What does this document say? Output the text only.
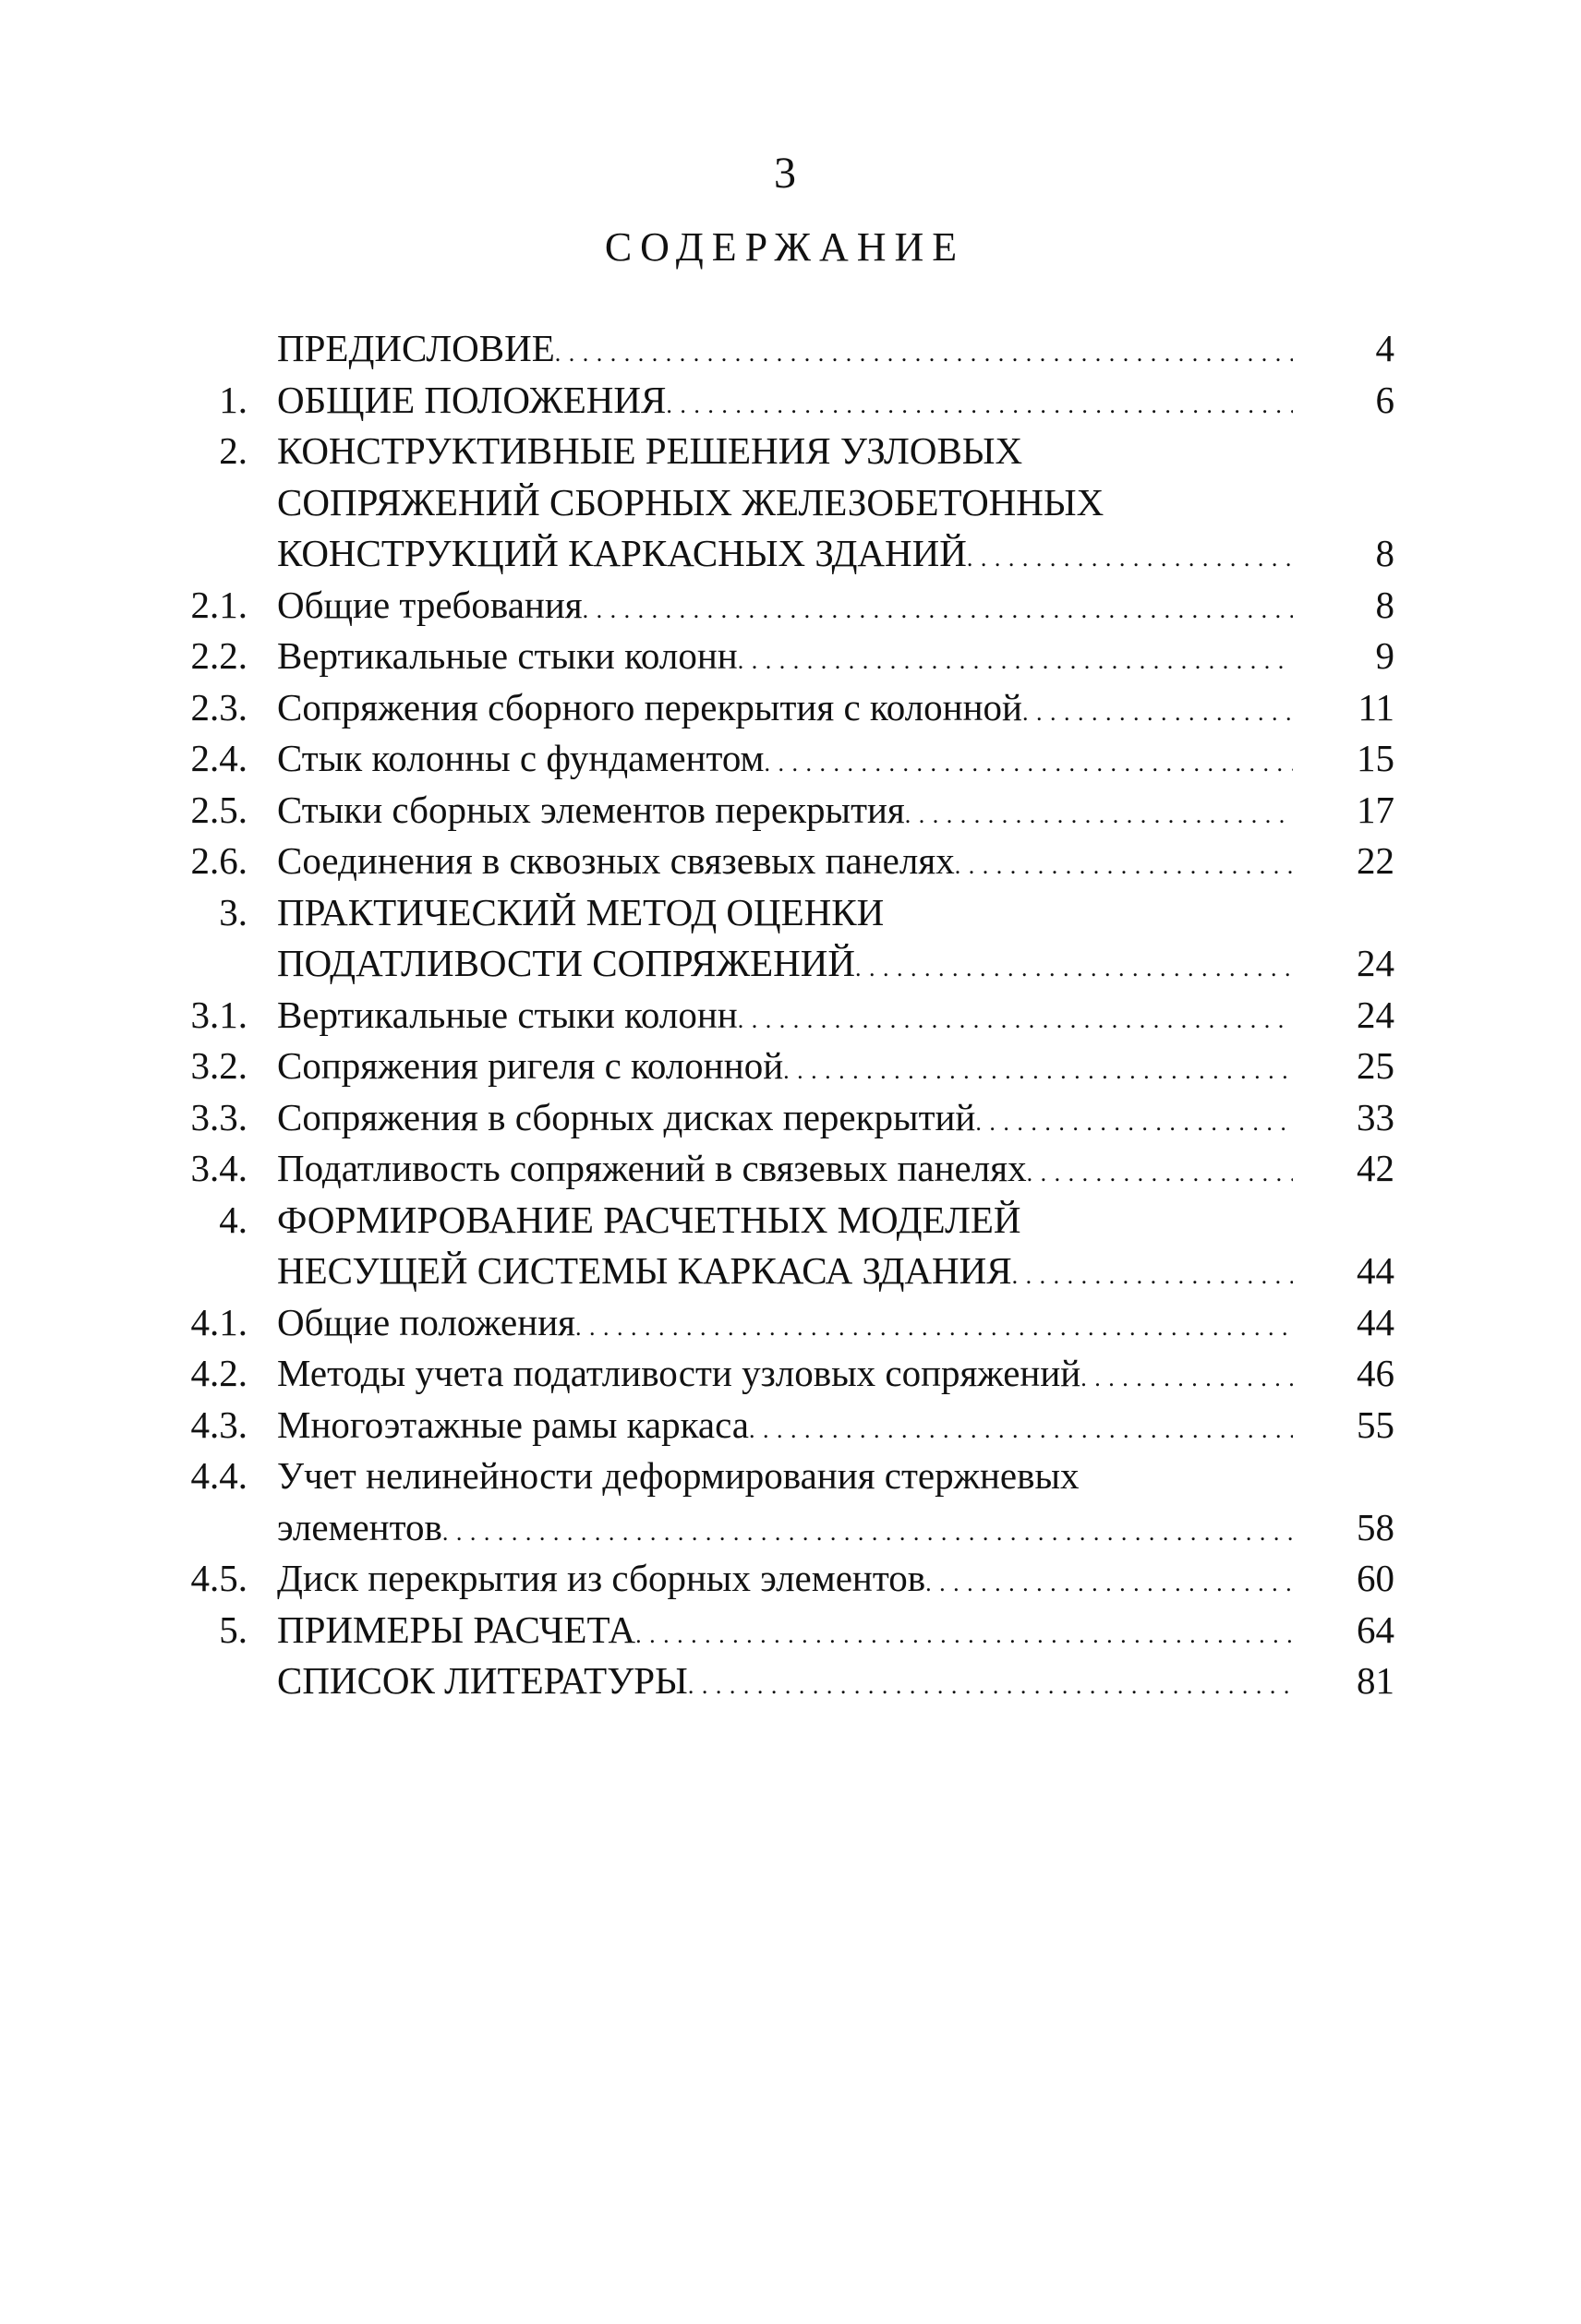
3
СОДЕРЖАНИЕ
ПРЕДИСЛОВИЕ . . .	4
1. ОБЩИЕ ПОЛОЖЕНИЯ . . .	6
2. КОНСТРУКТИВНЫЕ РЕШЕНИЯ УЗЛОВЫХ
СОПРЯЖЕНИЙ СБОРНЫХ ЖЕЛЕЗОБЕТОННЫХ
КОНСТРУКЦИЙ КАРКАСНЫХ ЗДАНИЙ . . .	8
2.1. Общие требования . . .	8
2.2. Вертикальные стыки колонн . . .	9
2.3. Сопряжения сборного перекрытия с колонной . . .	11
2.4. Стык колонны с фундаментом . . .	15
2.5. Стыки сборных элементов перекрытия . . .	17
2.6. Соединения в сквозных связевых панелях . . .	22
3. ПРАКТИЧЕСКИЙ МЕТОД ОЦЕНКИ
ПОДАТЛИВОСТИ СОПРЯЖЕНИЙ . . .	24
3.1. Вертикальные стыки колонн . . .	24
3.2. Сопряжения ригеля с колонной . . .	25
3.3. Сопряжения в сборных дисках перекрытий . . .	33
3.4. Податливость сопряжений в связевых панелях . . .	42
4. ФОРМИРОВАНИЕ РАСЧЕТНЫХ МОДЕЛЕЙ
НЕСУЩЕЙ СИСТЕМЫ КАРКАСА ЗДАНИЯ . . .	44
4.1. Общие положения . . .	44
4.2. Методы учета податливости узловых сопряжений . . .	46
4.3. Многоэтажные рамы каркаса . . .	55
4.4. Учет нелинейности деформирования стержневых
элементов . . .	58
4.5. Диск перекрытия из сборных элементов . . .	60
5. ПРИМЕРЫ РАСЧЕТА . . .	64
СПИСОК ЛИТЕРАТУРЫ . . .	81
